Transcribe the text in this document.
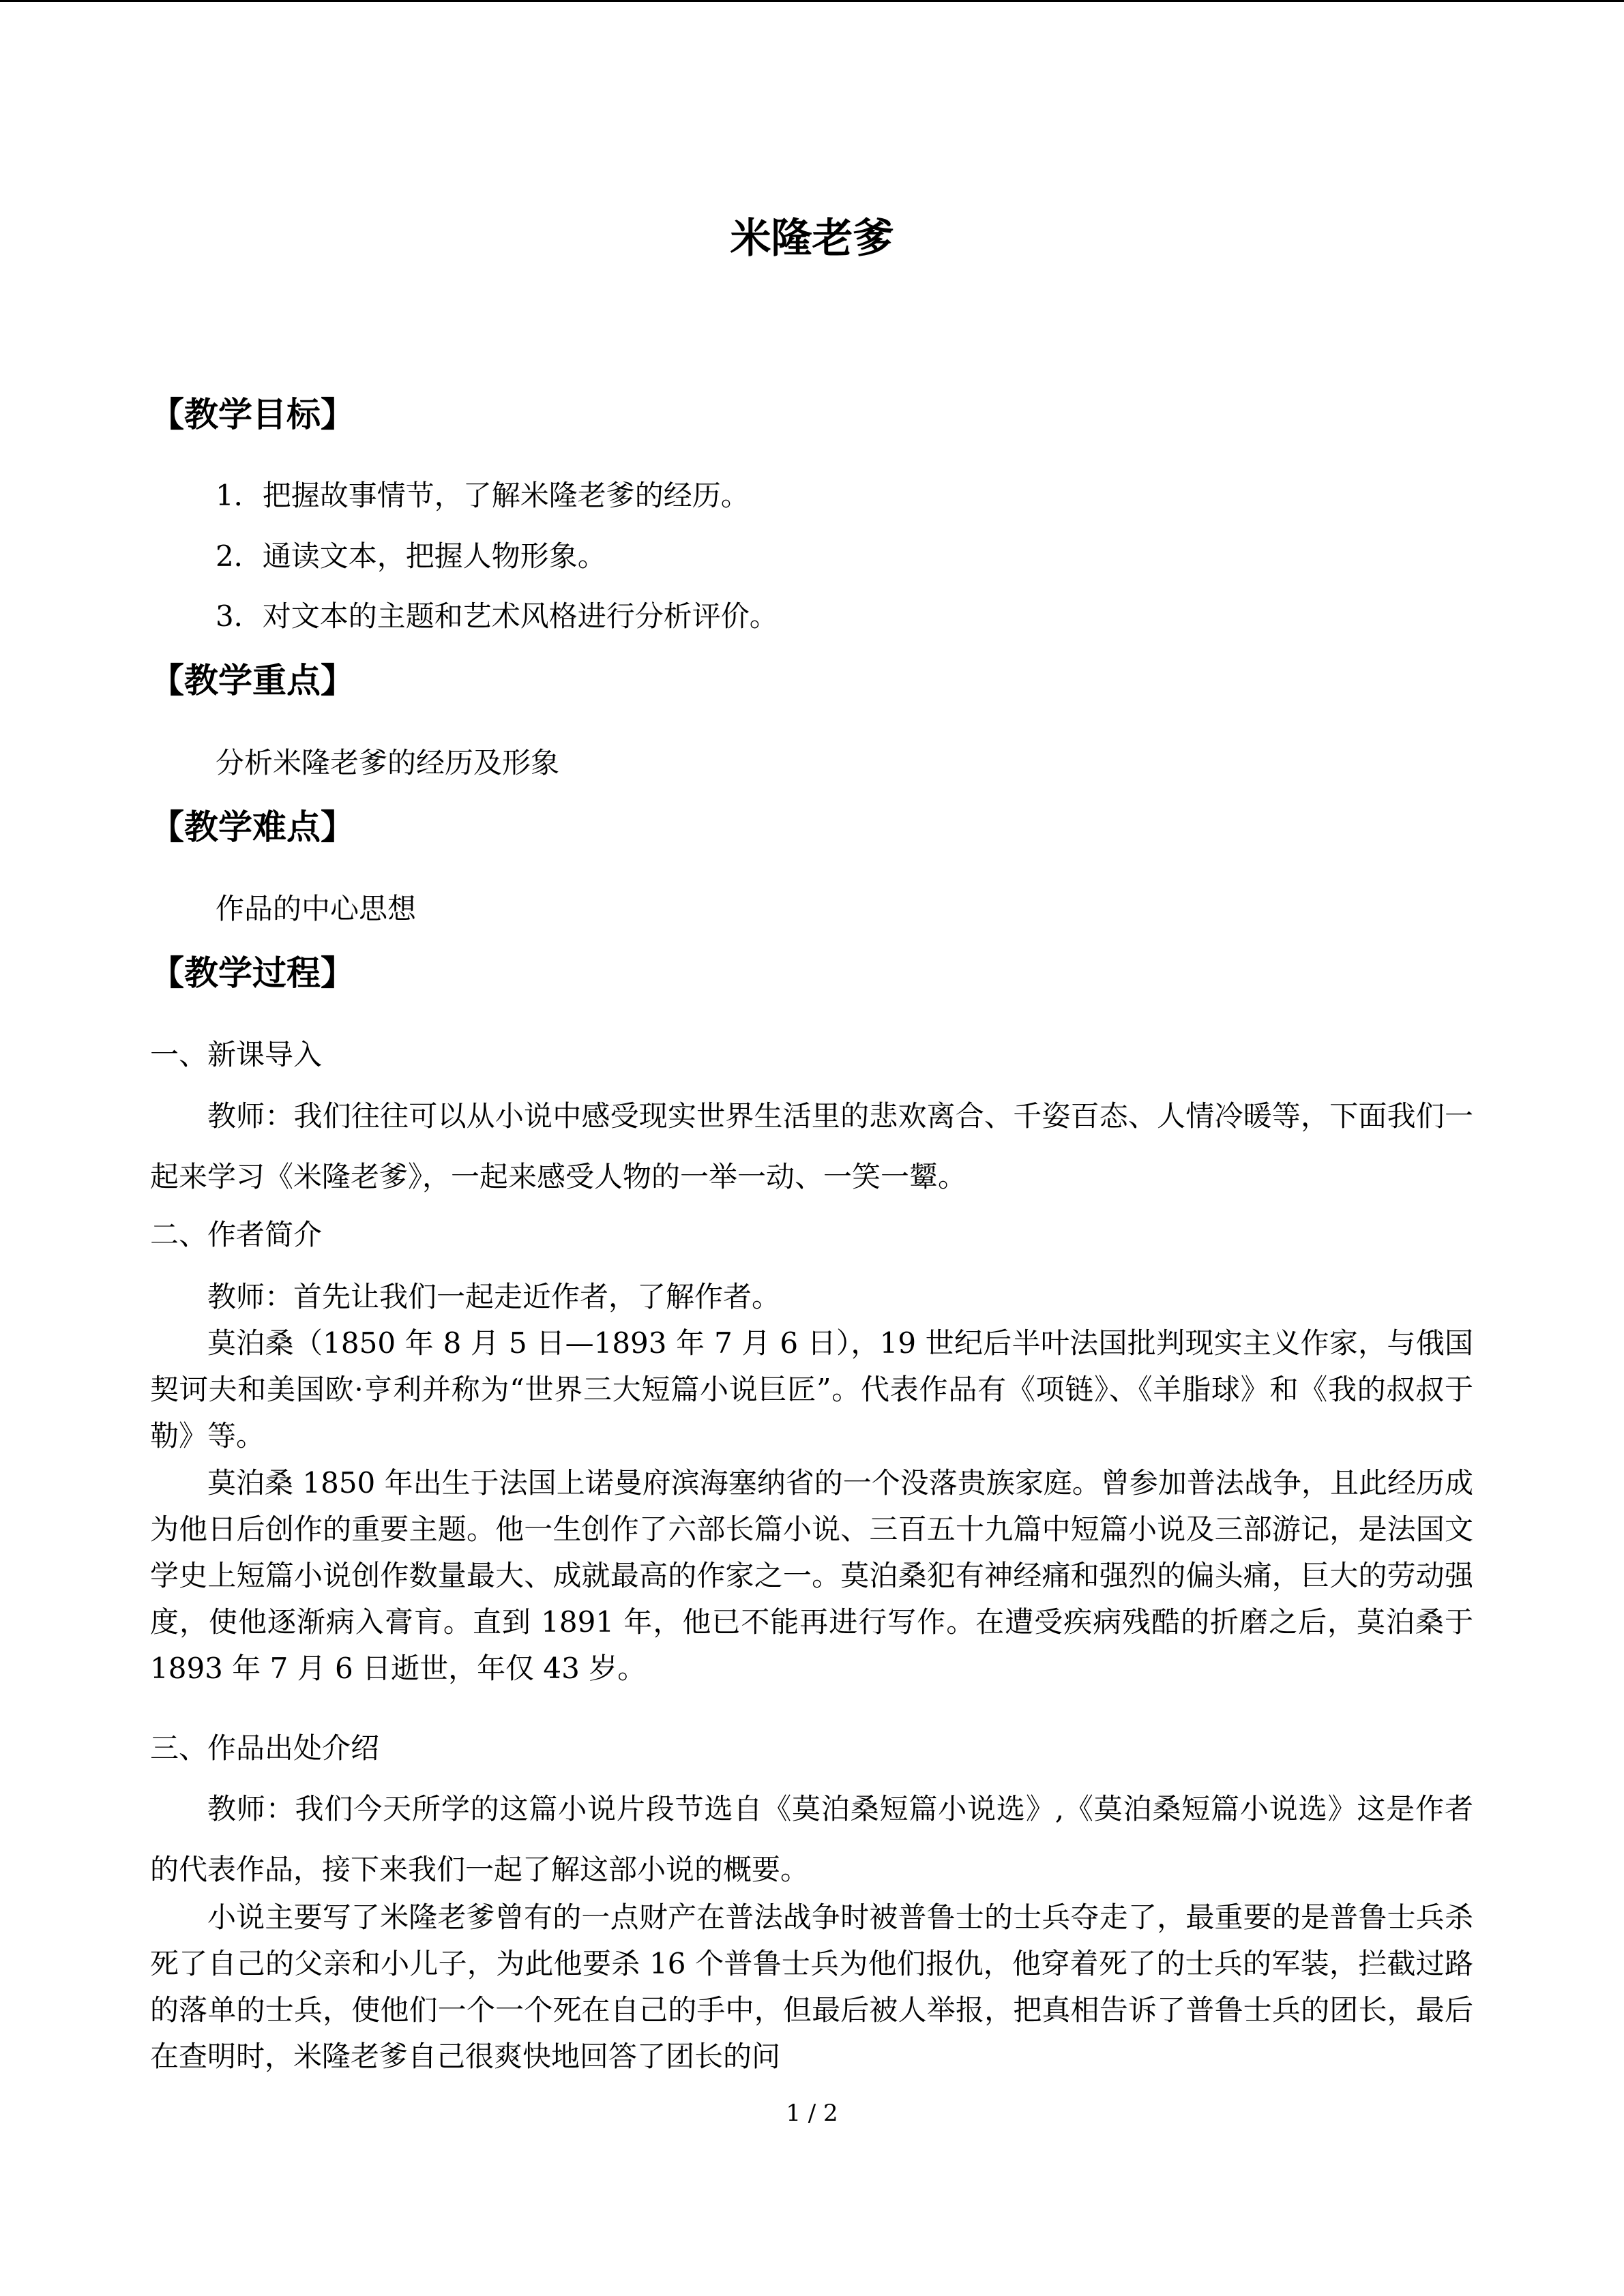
米隆老爹
【教学目标】

1．把握故事情节，了解米隆老爹的经历。

2．通读文本，把握人物形象。

3．对文本的主题和艺术风格进行分析评价。

【教学重点】

分析米隆老爹的经历及形象

【教学难点】

作品的中心思想

【教学过程】

一、新课导入

教师：我们往往可以从小说中感受现实世界生活里的悲欢离合、千姿百态、人情冷暖等，下面我们一起来学习《米隆老爹》，一起来感受人物的一举一动、一笑一颦。

二、作者简介

教师：首先让我们一起走近作者，了解作者。

莫泊桑（1850 年 8 月 5 日—1893 年 7 月 6 日），19 世纪后半叶法国批判现实主义作家，与俄国契诃夫和美国欧·亨利并称为“世界三大短篇小说巨匠”。代表作品有《项链》、《羊脂球》和《我的叔叔于勒》等。

莫泊桑 1850 年出生于法国上诺曼府滨海塞纳省的一个没落贵族家庭。曾参加普法战争，且此经历成为他日后创作的重要主题。他一生创作了六部长篇小说、三百五十九篇中短篇小说及三部游记，是法国文学史上短篇小说创作数量最大、成就最高的作家之一。莫泊桑犯有神经痛和强烈的偏头痛，巨大的劳动强度，使他逐渐病入膏肓。直到 1891 年，他已不能再进行写作。在遭受疾病残酷的折磨之后，莫泊桑于 1893 年 7 月 6 日逝世，年仅 43 岁。

三、作品出处介绍

教师：我们今天所学的这篇小说片段节选自《莫泊桑短篇小说选》,《莫泊桑短篇小说选》这是作者的代表作品，接下来我们一起了解这部小说的概要。

小说主要写了米隆老爹曾有的一点财产在普法战争时被普鲁士的士兵夺走了，最重要的是普鲁士兵杀死了自己的父亲和小儿子，为此他要杀 16 个普鲁士兵为他们报仇，他穿着死了的士兵的军装，拦截过路的落单的士兵，使他们一个一个死在自己的手中，但最后被人举报，把真相告诉了普鲁士兵的团长，最后在查明时，米隆老爹自己很爽快地回答了团长的问

1 / 2
